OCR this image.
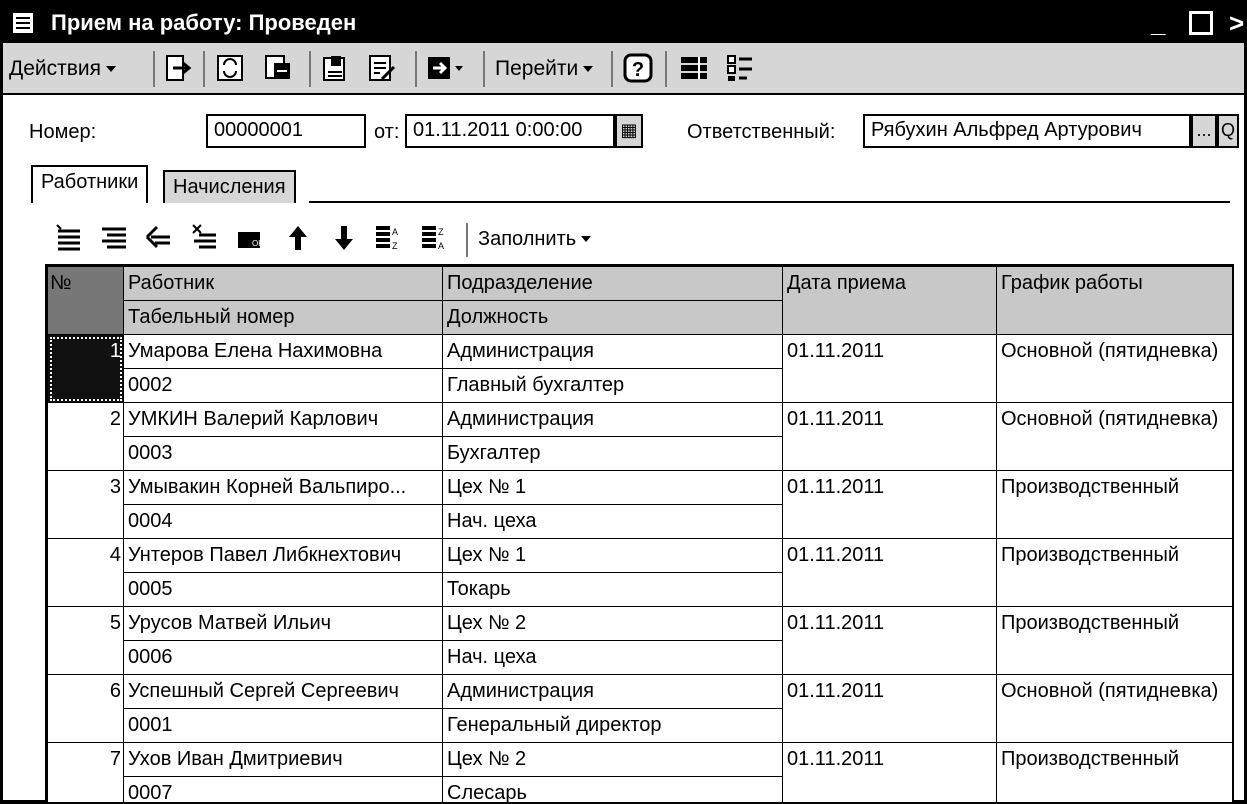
Прием на работу: Проведен	_ >
Действия	Перейти	?
Номер:	00000001	от: 01.11.2011 0:00:00	▦ Ответственный:	Рябухин Альфред Артурович	... Q
Работники	Начисления
OK
A
Z
Z
A Заполнить
№	Работник	Подразделение	Дата приема	График работы
	Табельный номер	Должность		
1	Умарова Елена Нахимовна	Администрация	01.11.2011	Основной (пятидневка)
	0002	Главный бухгалтер		
2	УМКИН Валерий Карлович	Администрация	01.11.2011	Основной (пятидневка)
	0003	Бухгалтер		
3	Умывакин Корней Вальпиро...	Цех № 1	01.11.2011	Производственный
	0004	Нач. цеха		
4	Унтеров Павел Либкнехтович	Цех № 1	01.11.2011	Производственный
	0005	Токарь		
5	Урусов Матвей Ильич	Цех № 2	01.11.2011	Производственный
	0006	Нач. цеха		
6	Успешный Сергей Сергеевич	Администрация	01.11.2011	Основной (пятидневка)
	0001	Генеральный директор		
7	Ухов Иван Дмитриевич	Цех № 2	01.11.2011	Производственный
	0007	Слесарь		
